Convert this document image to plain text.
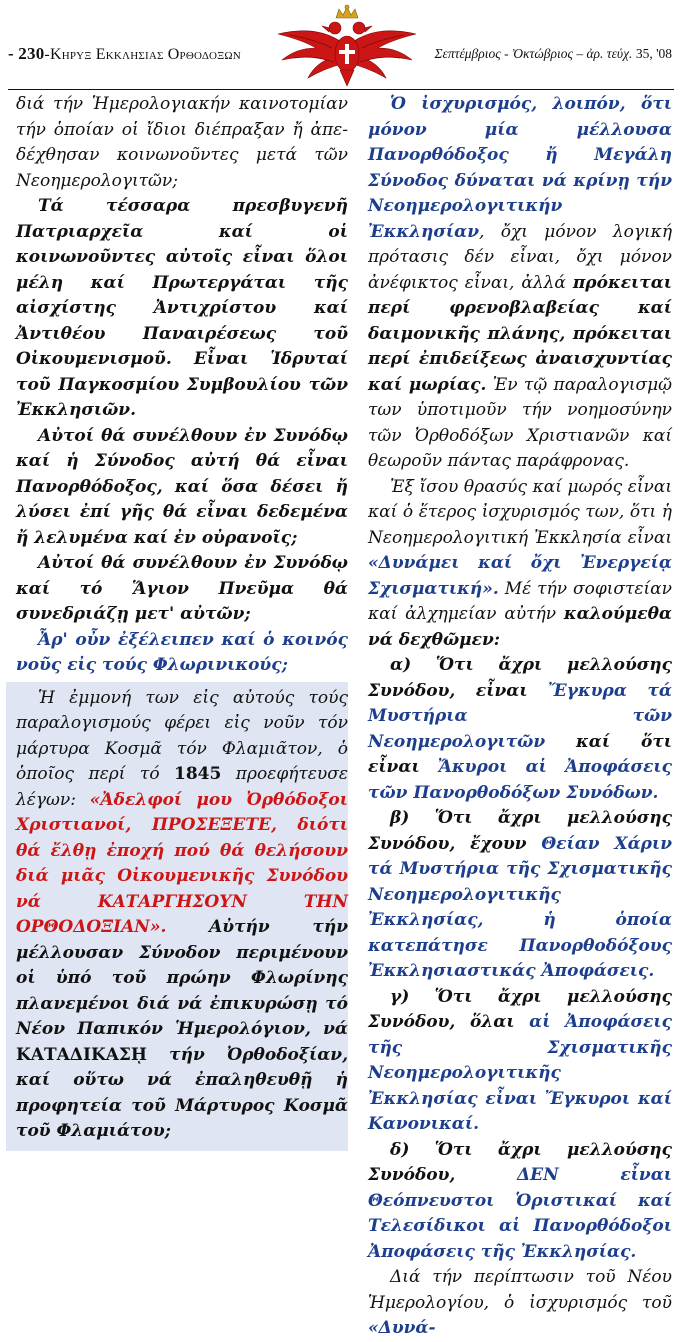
- 230-Κηρυξ Εκκλησιας Ορθοδοξων	Σεπτέμβριος - Ὀκτώβριος – ἀρ. τεύχ. 35, '08

διά τήν Ἡμερολογιακήν καινοτομίαν τήν ὁποίαν οἱ ἴδιοι διέπραξαν ἤ ἀπε-δέχθησαν κοινωνοῦντες μετά τῶν Νεοημερολογιτῶν;

Τά τέσσαρα πρεσβυγενῆ Πατριαρχεῖα καί οἱ κοινωνοῦντες αὐτοῖς εἶναι ὅλοι μέλη καί Πρωτεργάται τῆς αἰσχίστης Ἀντιχρίστου καί Ἀντιθέου Παναιρέσεως τοῦ Οἰκουμενισμοῦ. Εἶναι Ἱδρυταί τοῦ Παγκοσμίου Συμβουλίου τῶν Ἐκκλησιῶν.

Αὐτοί θά συνέλθουν ἐν Συνόδῳ καί ἡ Σύνοδος αὐτή θά εἶναι Πανορθόδοξος, καί ὅσα δέσει ἤ λύσει ἐπί γῆς θά εἶναι δεδεμένα ἤ λελυμένα καί ἐν οὐρανοῖς;

Αὐτοί θά συνέλθουν ἐν Συνόδῳ καί τό Ἅγιον Πνεῦμα θά συνεδριάζῃ μετ' αὐτῶν;

Ἆρ' οὖν ἐξέλειπεν καί ὁ κοινός νοῦς εἰς τούς Φλωρινικούς;

Ἡ ἐμμονή των εἰς αὐτούς τούς παραλογισμούς φέρει εἰς νοῦν τόν μάρτυρα Κοσμᾶ τόν Φλαμιᾶτον, ὁ ὁποῖος περί τό 1845 προεφήτευσε λέγων: «Ἀδελφοί μου Ὀρθόδοξοι Χριστιανοί, ΠΡΟΣΕΞΕΤΕ, διότι θά ἔλθῃ ἐποχή πού θά θελήσουν διά μιᾶς Οἰκουμενικῆς Συνόδου νά ΚΑΤΑΡΓΗΣΟΥΝ ΤΗΝ ΟΡΘΟΔΟΞΙΑΝ». Αὐτήν τήν μέλλουσαν Σύνοδον περιμένουν οἱ ὑπό τοῦ πρώην Φλωρίνης πλανεμένοι διά νά ἐπικυρώσῃ τό Νέον Παπικόν Ἡμερολόγιον, νά ΚΑΤΑΔΙΚΑΣῌ τήν Ὀρθοδοξίαν, καί οὕτω νά ἐπαληθευθῇ ἡ προφητεία τοῦ Μάρτυρος Κοσμᾶ τοῦ Φλαμιάτου;

Ὁ ἰσχυρισμός, λοιπόν, ὅτι μόνον μία μέλλουσα Πανορθόδοξος ἤ Μεγάλη Σύνοδος δύναται νά κρίνῃ τήν Νεοημερολογιτικήν Ἐκκλησίαν, ὄχι μόνον λογική πρότασις δέν εἶναι, ὄχι μόνον ἀνέφικτος εἶναι, ἀλλά πρόκειται περί φρενοβλαβείας καί δαιμονικῆς πλάνης, πρόκειται περί ἐπιδείξεως ἀναισχυντίας καί μωρίας. Ἐν τῷ παραλογισμῷ των ὑποτιμοῦν τήν νοημοσύνην τῶν Ὀρθοδόξων Χριστιανῶν καί θεωροῦν πάντας παράφρονας.

Ἐξ ἴσου θρασύς καί μωρός εἶναι καί ὁ ἕτερος ἰσχυρισμός των, ὅτι ἡ Νεοημερολογιτική Ἐκκλησία εἶναι «Δυνάμει καί ὄχι Ἐνεργείᾳ Σχισματική». Μέ τήν σοφιστείαν καί ἀλχημείαν αὐτήν καλούμεθα νά δεχθῶμεν:

α) Ὅτι ἄχρι μελλούσης Συνόδου, εἶναι Ἔγκυρα τά Μυστήρια τῶν Νεοημερολογιτῶν καί ὅτι εἶναι Ἄκυροι αἱ Ἀποφάσεις τῶν Πανορθοδόξων Συνόδων.

β) Ὅτι ἄχρι μελλούσης Συνόδου, ἔχουν Θείαν Χάριν τά Μυστήρια τῆς Σχισματικῆς Νεοημερολογιτικῆς Ἐκκλησίας, ἡ ὁποία κατεπάτησε Πανορθοδόξους Ἐκκλησιαστικάς Ἀποφάσεις.

γ) Ὅτι ἄχρι μελλούσης Συνόδου, ὅλαι αἱ Ἀποφάσεις τῆς Σχισματικῆς Νεοημερολογιτικῆς Ἐκκλησίας εἶναι Ἔγκυροι καί Κανονικαί.

δ) Ὅτι ἄχρι μελλούσης Συνόδου, ΔΕΝ εἶναι Θεόπνευστοι Ὁριστικαί καί Τελεσίδικοι αἱ Πανορθόδοξοι Ἀποφάσεις τῆς Ἐκκλησίας.

Διά τήν περίπτωσιν τοῦ Νέου Ἡμερολογίου, ὁ ἰσχυρισμός τοῦ «Δυνά-
